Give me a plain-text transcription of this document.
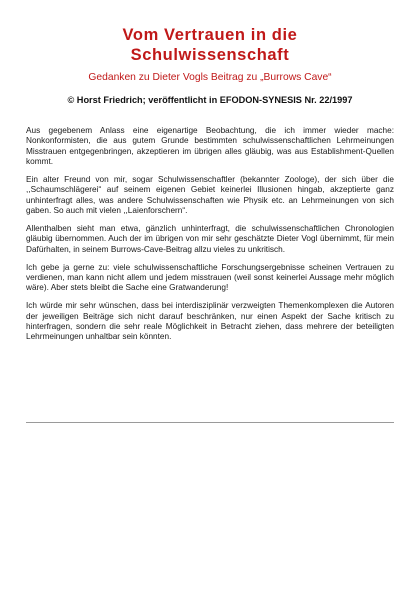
Vom Vertrauen in die
Schulwissenschaft
Gedanken zu Dieter Vogls Beitrag zu „Burrows Cave“
© Horst Friedrich; veröffentlicht in EFODON-SYNESIS Nr. 22/1997

Aus gegebenem Anlass eine eigenartige Beobachtung, die ich immer wieder mache: Nonkonformisten, die aus gutem Grunde bestimmten schulwissenschaftlichen Lehrmeinungen Misstrauen entgegenbringen, akzeptieren im übrigen alles gläubig, was aus Establishment-Quellen kommt.

Ein alter Freund von mir, sogar Schulwissenschaftler (bekannter Zoologe), der sich über die ,,Schaumschlägerei“ auf seinem eigenen Gebiet keinerlei Illusionen hingab, akzeptierte ganz unhinterfragt alles, was andere Schulwissenschaften wie Physik etc. an Lehrmeinungen von sich gaben. So auch mit vielen ,,Laienforschern“.

Allenthalben sieht man etwa, gänzlich unhinterfragt, die schulwissenschaftlichen Chronologien gläubig übernommen. Auch der im übrigen von mir sehr geschätzte Dieter Vogl übernimmt, für mein Dafürhalten, in seinem Burrows-Cave-Beitrag allzu vieles zu unkritisch.

Ich gebe ja gerne zu: viele schulwissenschaftliche Forschungsergebnisse scheinen Vertrauen zu verdienen, man kann nicht allem und jedem misstrauen (weil sonst keinerlei Aussage mehr möglich wäre). Aber stets bleibt die Sache eine Gratwanderung!

Ich würde mir sehr wünschen, dass bei interdisziplinär verzweigten Themenkomplexen die Autoren der jeweiligen Beiträge sich nicht darauf beschränken, nur einen Aspekt der Sache kritisch zu hinterfragen, sondern die sehr reale Möglichkeit in Betracht ziehen, dass mehrere der beteiligten Lehrmeinungen unhaltbar sein könnten.
